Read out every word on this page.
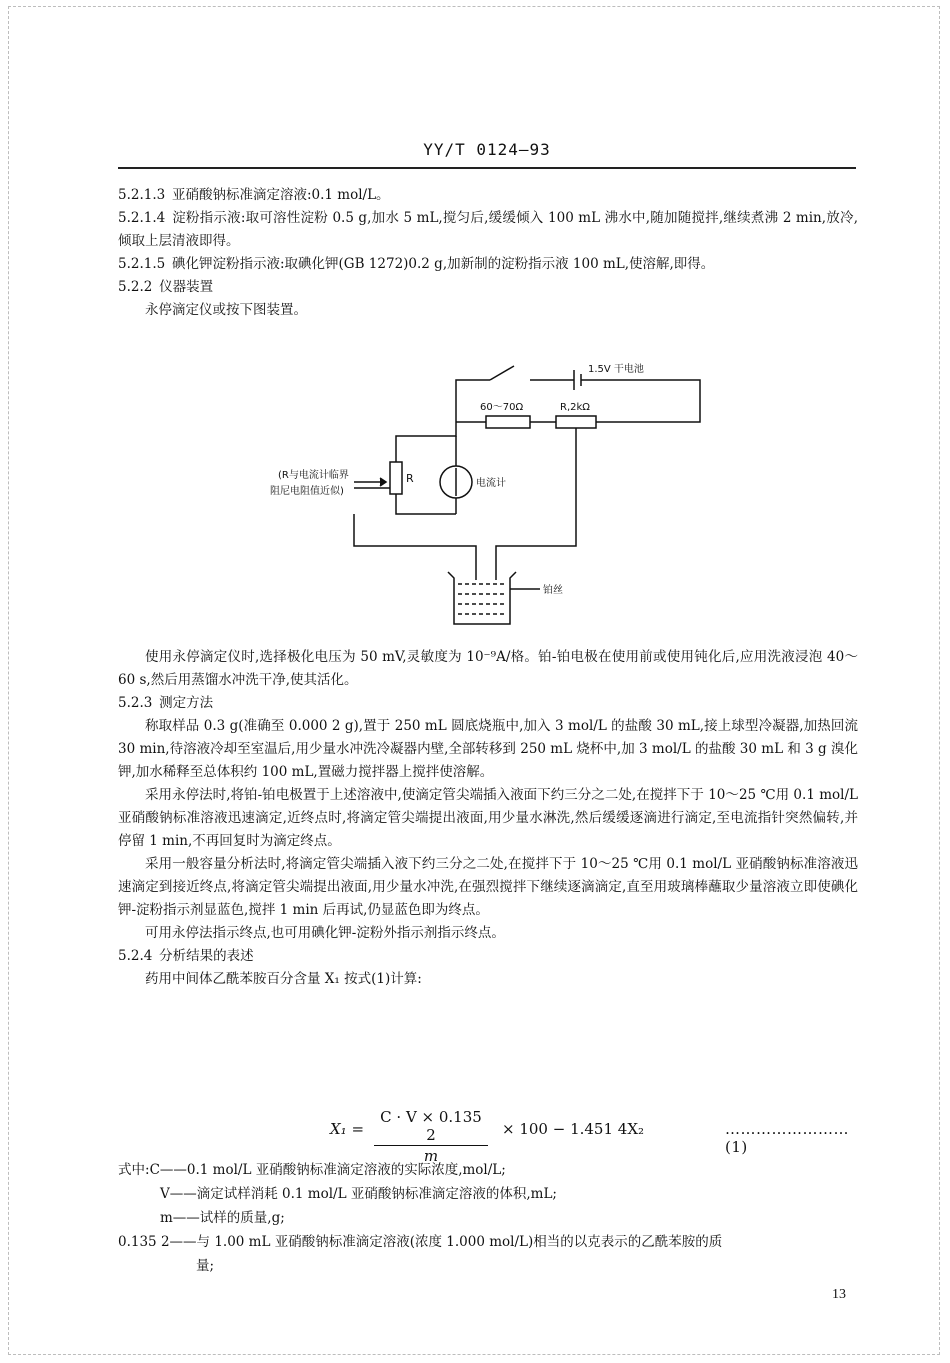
YY/T 0124—93

5.2.1.3 亚硝酸钠标准滴定溶液:0.1 mol/L。

5.2.1.4 淀粉指示液:取可溶性淀粉 0.5 g,加水 5 mL,搅匀后,缓缓倾入 100 mL 沸水中,随加随搅拌,继续煮沸 2 min,放冷,倾取上层清液即得。

5.2.1.5 碘化钾淀粉指示液:取碘化钾(GB 1272)0.2 g,加新制的淀粉指示液 100 mL,使溶解,即得。

5.2.2 仪器装置

永停滴定仪或按下图装置。

1.5V 干电池
60～70Ω	R,2kΩ
R	电流计
(R与电流计临界
阻尼电阻值近似)
铂丝

使用永停滴定仪时,选择极化电压为 50 mV,灵敏度为 10⁻⁹A/格。铂-铂电极在使用前或使用钝化后,应用洗液浸泡 40～60 s,然后用蒸馏水冲洗干净,使其活化。

5.2.3 测定方法

称取样品 0.3 g(准确至 0.000 2 g),置于 250 mL 圆底烧瓶中,加入 3 mol/L 的盐酸 30 mL,接上球型冷凝器,加热回流 30 min,待溶液冷却至室温后,用少量水冲洗冷凝器内壁,全部转移到 250 mL 烧杯中,加 3 mol/L 的盐酸 30 mL 和 3 g 溴化钾,加水稀释至总体积约 100 mL,置磁力搅拌器上搅拌使溶解。

采用永停法时,将铂-铂电极置于上述溶液中,使滴定管尖端插入液面下约三分之二处,在搅拌下于 10～25 ℃用 0.1 mol/L 亚硝酸钠标准溶液迅速滴定,近终点时,将滴定管尖端提出液面,用少量水淋洗,然后缓缓逐滴进行滴定,至电流指针突然偏转,并停留 1 min,不再回复时为滴定终点。

采用一般容量分析法时,将滴定管尖端插入液下约三分之二处,在搅拌下于 10～25 ℃用 0.1 mol/L 亚硝酸钠标准溶液迅速滴定到接近终点,将滴定管尖端提出液面,用少量水冲洗,在强烈搅拌下继续逐滴滴定,直至用玻璃棒蘸取少量溶液立即使碘化钾-淀粉指示剂显蓝色,搅拌 1 min 后再试,仍显蓝色即为终点。

可用永停法指示终点,也可用碘化钾-淀粉外指示剂指示终点。

5.2.4 分析结果的表述

药用中间体乙酰苯胺百分含量 X₁ 按式(1)计算:

X₁ =
C · V × 0.135 2
m
× 100 − 1.451 4X₂	……………………(1)
式中:C——0.1 mol/L 亚硝酸钠标准滴定溶液的实际浓度,mol/L;
V——滴定试样消耗 0.1 mol/L 亚硝酸钠标准滴定溶液的体积,mL;
m——试样的质量,g;
0.135 2——与 1.00 mL 亚硝酸钠标准滴定溶液(浓度 1.000 mol/L)相当的以克表示的乙酰苯胺的质
量;
13
